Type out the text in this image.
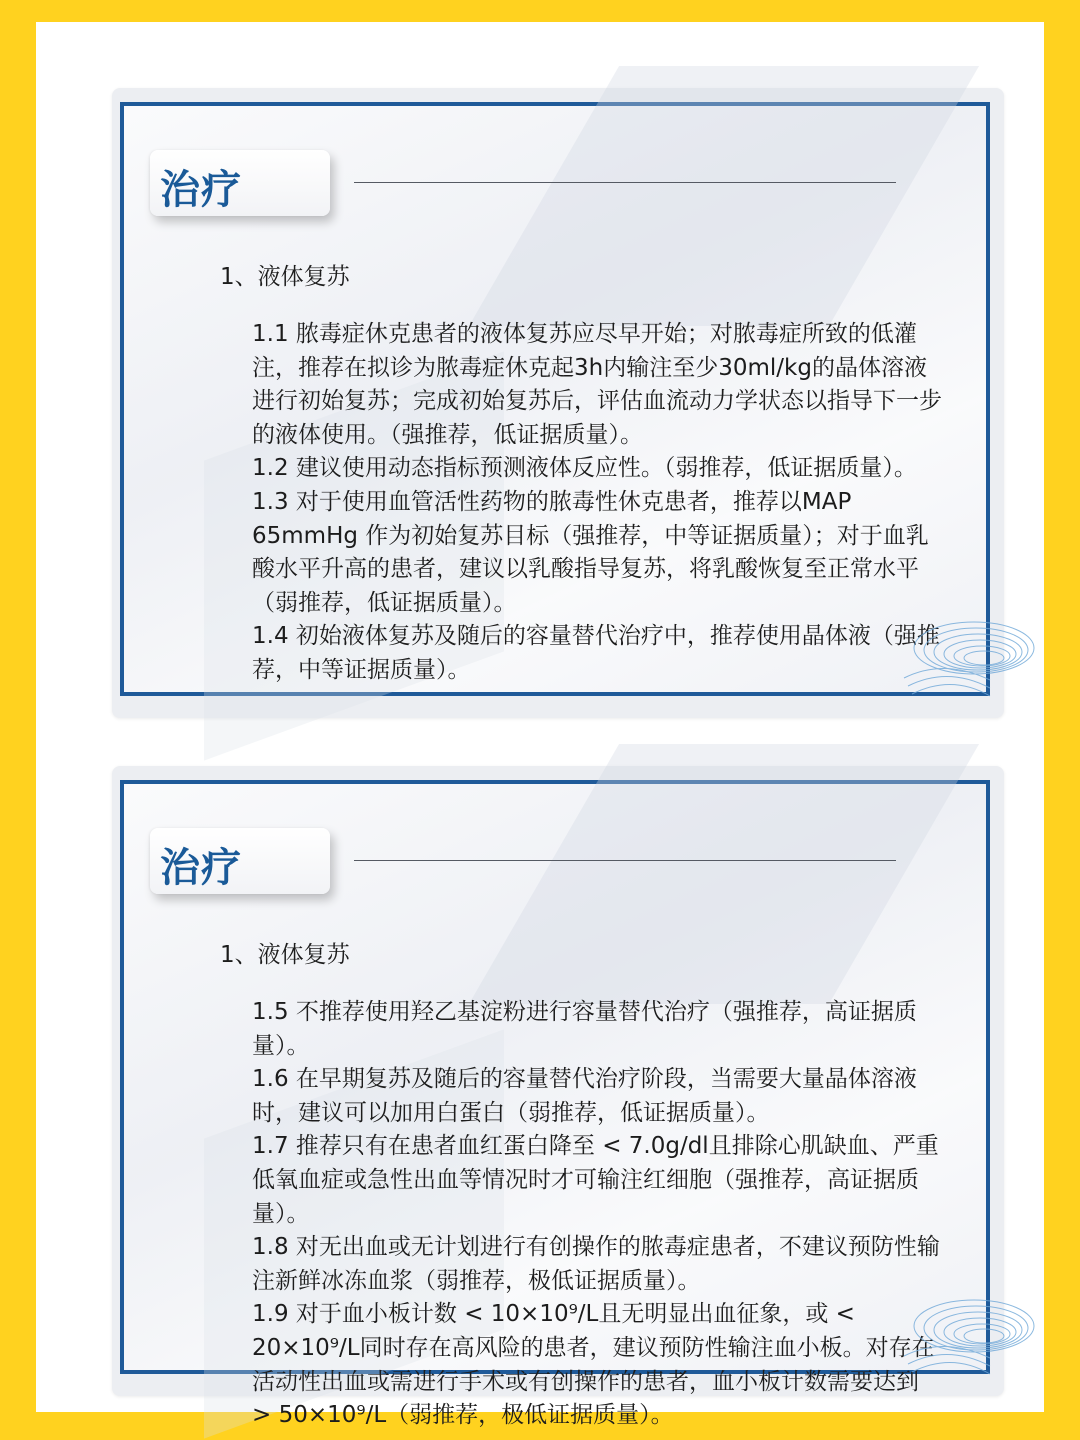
治疗
1、液体复苏
1.1 脓毒症休克患者的液体复苏应尽早开始；对脓毒症所致的低灌注，推荐在拟诊为脓毒症休克起3h内输注至少30ml/kg的晶体溶液进行初始复苏；完成初始复苏后，评估血流动力学状态以指导下一步的液体使用。（强推荐，低证据质量）。
1.2 建议使用动态指标预测液体反应性。（弱推荐，低证据质量）。
1.3 对于使用血管活性药物的脓毒性休克患者，推荐以MAP 65mmHg 作为初始复苏目标（强推荐，中等证据质量）；对于血乳酸水平升高的患者，建议以乳酸指导复苏，将乳酸恢复至正常水平（弱推荐，低证据质量）。
1.4 初始液体复苏及随后的容量替代治疗中，推荐使用晶体液（强推荐，中等证据质量）。
治疗
1、液体复苏
1.5 不推荐使用羟乙基淀粉进行容量替代治疗（强推荐，高证据质量）。
1.6 在早期复苏及随后的容量替代治疗阶段，当需要大量晶体溶液时，建议可以加用白蛋白（弱推荐，低证据质量）。
1.7 推荐只有在患者血红蛋白降至 < 7.0g/dl且排除心肌缺血、严重低氧血症或急性出血等情况时才可输注红细胞（强推荐，高证据质量）。
1.8 对无出血或无计划进行有创操作的脓毒症患者，不建议预防性输注新鲜冰冻血浆（弱推荐，极低证据质量）。
1.9 对于血小板计数 < 10×10⁹/L且无明显出血征象，或 < 20×10⁹/L同时存在高风险的患者，建议预防性输注血小板。对存在活动性出血或需进行手术或有创操作的患者，血小板计数需要达到 > 50×10⁹/L（弱推荐，极低证据质量）。
